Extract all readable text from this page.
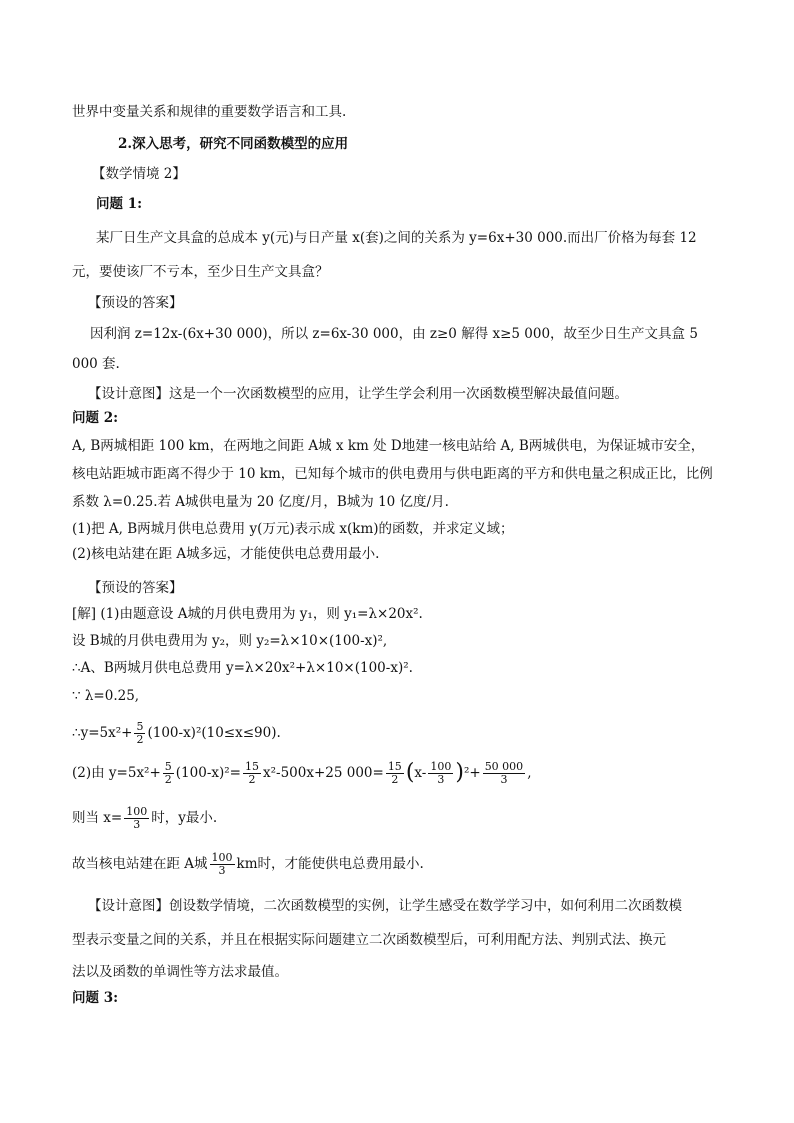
世界中变量关系和规律的重要数学语言和工具.
2.深入思考，研究不同函数模型的应用
【数学情境 2】
问题 1:
某厂日生产文具盒的总成本 y(元)与日产量 x(套)之间的关系为 y=6x+30 000.而出厂价格为每套 12
元，要使该厂不亏本，至少日生产文具盒？
【预设的答案】
因利润 z=12x-(6x+30 000)，所以 z=6x-30 000，由 z≥0 解得 x≥5 000，故至少日生产文具盒 5
000 套.
【设计意图】这是一个一次函数模型的应用，让学生学会利用一次函数模型解决最值问题。
问题 2:
A, B两城相距 100 km，在两地之间距 A城 x km 处 D地建一核电站给 A, B两城供电，为保证城市安全，
核电站距城市距离不得少于 10 km，已知每个城市的供电费用与供电距离的平方和供电量之积成正比，比例
系数 λ=0.25.若 A城供电量为 20 亿度/月，B城为 10 亿度/月.
(1)把 A, B两城月供电总费用 y(万元)表示成 x(km)的函数，并求定义域；
(2)核电站建在距 A城多远，才能使供电总费用最小.
【预设的答案】
[解] (1)由题意设 A城的月供电费用为 y₁，则 y₁=λ×20x².
设 B城的月供电费用为 y₂，则 y₂=λ×10×(100-x)²,
∴A、B两城月供电总费用 y=λ×20x²+λ×10×(100-x)².
∵ λ=0.25,
∴y=5x²+ $\frac{5}{2} (100-x)^2(10\le x\le 90)$.
(2)由 $y=5x^2+ \frac{5}{2} (100-x)^2= \frac{15}{2} x^2-500x+25$ $000= \frac{15}{2}$ ( $x- \frac{100}{3}$ ) $^2+ \frac{50 000}{3}$ ,
则当 $x= \frac{100}{3}$ 时，y最小.
故当核电站建在距 A城 $\frac{100}{3}$ km时，才能使供电总费用最小.
【设计意图】创设数学情境，二次函数模型的实例，让学生感受在数学学习中，如何利用二次函数模
型表示变量之间的关系，并且在根据实际问题建立二次函数模型后，可利用配方法、判别式法、换元
法以及函数的单调性等方法求最值。
问题 3:
